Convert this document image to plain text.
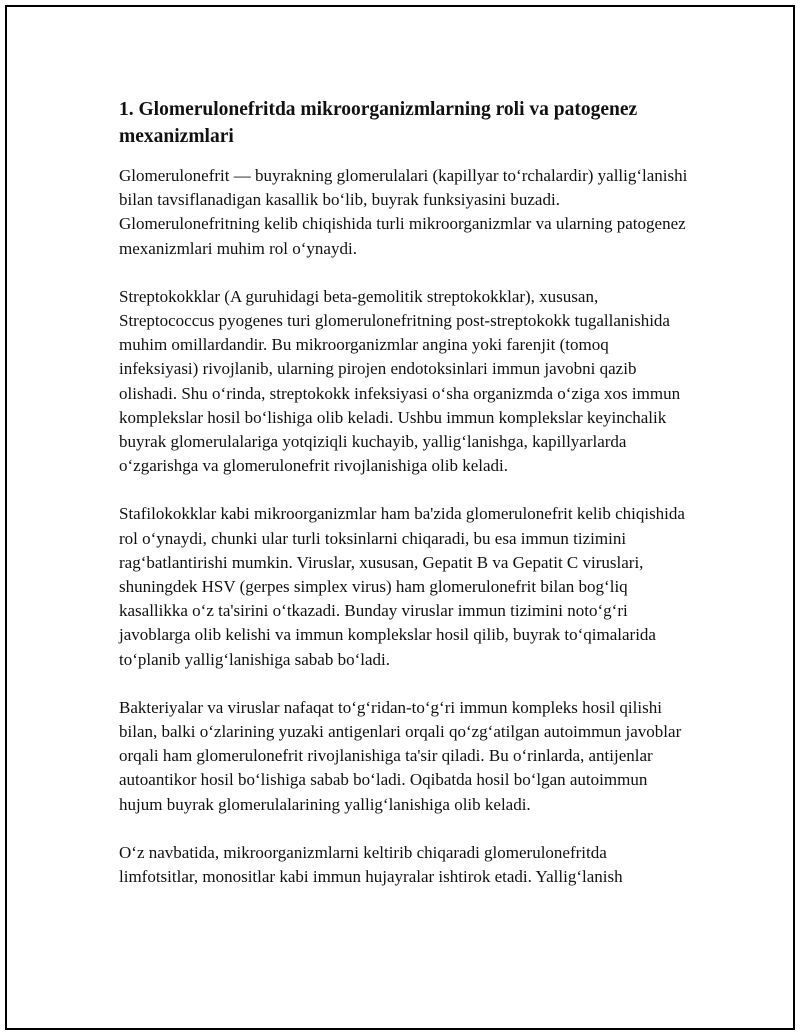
1. Glomerulonefritda mikroorganizmlarning roli va patogenez mexanizmlari

Glomerulonefrit — buyrakning glomerulalari (kapillyar to‘rchalardir) yallig‘lanishi bilan tavsiflanadigan kasallik bo‘lib, buyrak funksiyasini buzadi. Glomerulonefritning kelib chiqishida turli mikroorganizmlar va ularning patogenez mexanizmlari muhim rol o‘ynaydi.

Streptokokklar (A guruhidagi beta-gemolitik streptokokklar), xususan, Streptococcus pyogenes turi glomerulonefritning post-streptokokk tugallanishida muhim omillardandir. Bu mikroorganizmlar angina yoki farenjit (tomoq infeksiyasi) rivojlanib, ularning pirojen endotoksinlari immun javobni qazib olishadi. Shu o‘rinda, streptokokk infeksiyasi o‘sha organizmda o‘ziga xos immun komplekslar hosil bo‘lishiga olib keladi. Ushbu immun komplekslar keyinchalik buyrak glomerulalariga yotqiziqli kuchayib, yallig‘lanishga, kapillyarlarda o‘zgarishga va glomerulonefrit rivojlanishiga olib keladi.

Stafilokokklar kabi mikroorganizmlar ham ba'zida glomerulonefrit kelib chiqishida rol o‘ynaydi, chunki ular turli toksinlarni chiqaradi, bu esa immun tizimini rag‘batlantirishi mumkin. Viruslar, xususan, Gepatit B va Gepatit C viruslari, shuningdek HSV (gerpes simplex virus) ham glomerulonefrit bilan bog‘liq kasallikka o‘z ta'sirini o‘tkazadi. Bunday viruslar immun tizimini noto‘g‘ri javoblarga olib kelishi va immun komplekslar hosil qilib, buyrak to‘qimalarida to‘planib yallig‘lanishiga sabab bo‘ladi.

Bakteriyalar va viruslar nafaqat to‘g‘ridan-to‘g‘ri immun kompleks hosil qilishi bilan, balki o‘zlarining yuzaki antigenlari orqali qo‘zg‘atilgan autoimmun javoblar orqali ham glomerulonefrit rivojlanishiga ta'sir qiladi. Bu o‘rinlarda, antijenlar autoantikor hosil bo‘lishiga sabab bo‘ladi. Oqibatda hosil bo‘lgan autoimmun hujum buyrak glomerulalarining yallig‘lanishiga olib keladi.

O‘z navbatida, mikroorganizmlarni keltirib chiqaradi glomerulonefritda limfotsitlar, monositlar kabi immun hujayralar ishtirok etadi. Yallig‘lanish
